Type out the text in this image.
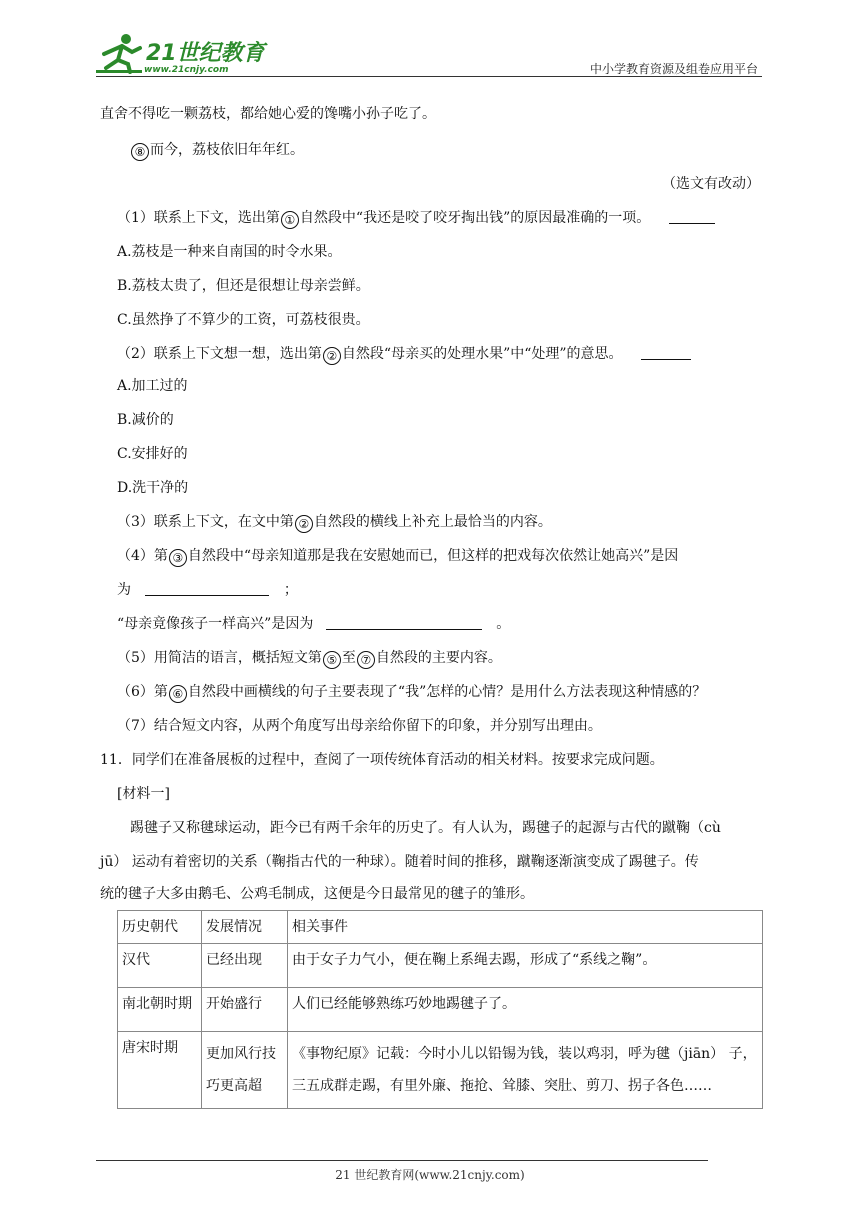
21世纪教育
www.21cnjy.com	中小学教育资源及组卷应用平台
直舍不得吃一颗荔枝，都给她心爱的馋嘴小孙子吃了。
⑧ 而今，荔枝依旧年年红。
（选文有改动）
（1）联系上下文，选出第 ① 自然段中“我还是咬了咬牙掏出钱”的原因最准确的一项。
A.荔枝是一种来自南国的时令水果。
B.荔枝太贵了，但还是很想让母亲尝鲜。
C.虽然挣了不算少的工资，可荔枝很贵。
（2）联系上下文想一想，选出第 ② 自然段“母亲买的处理水果”中“处理”的意思。
A.加工过的
B.减价的
C.安排好的
D.洗干净的
（3）联系上下文，在文中第 ② 自然段的横线上补充上最恰当的内容。
（4）第 ③ 自然段中“母亲知道那是我在安慰她而已，但这样的把戏每次依然让她高兴”是因
为	；
“母亲竟像孩子一样高兴”是因为	。
（5）用简洁的语言，概括短文第 ⑤ 至 ⑦ 自然段的主要内容。
（6）第 ⑥ 自然段中画横线的句子主要表现了“我”怎样的心情？是用什么方法表现这种情感的？
（7）结合短文内容，从两个角度写出母亲给你留下的印象，并分别写出理由。
11．同学们在准备展板的过程中，查阅了一项传统体育活动的相关材料。按要求完成问题。
[材料一]
踢毽子又称毽球运动，距今已有两千余年的历史了。有人认为，踢毽子的起源与古代的蹴鞠（cù
jū） 运动有着密切的关系（鞠指古代的一种球）。随着时间的推移，蹴鞠逐渐演变成了踢毽子。传
统的毽子大多由鹅毛、公鸡毛制成，这便是今日最常见的毽子的雏形。
历史朝代	发展情况	相关事件
汉代	已经出现	由于女子力气小，便在鞠上系绳去踢，形成了“系线之鞠”。
南北朝时期	开始盛行	人们已经能够熟练巧妙地踢毽子了。
唐宋时期	更加风行技巧更高超	《事物纪原》记载：今时小儿以铅锡为钱，装以鸡羽，呼为毽（jiān） 子，三五成群走踢，有里外廉、拖抢、耸膝、突肚、剪刀、拐子各色……
21 世纪教育网(www.21cnjy.com)
